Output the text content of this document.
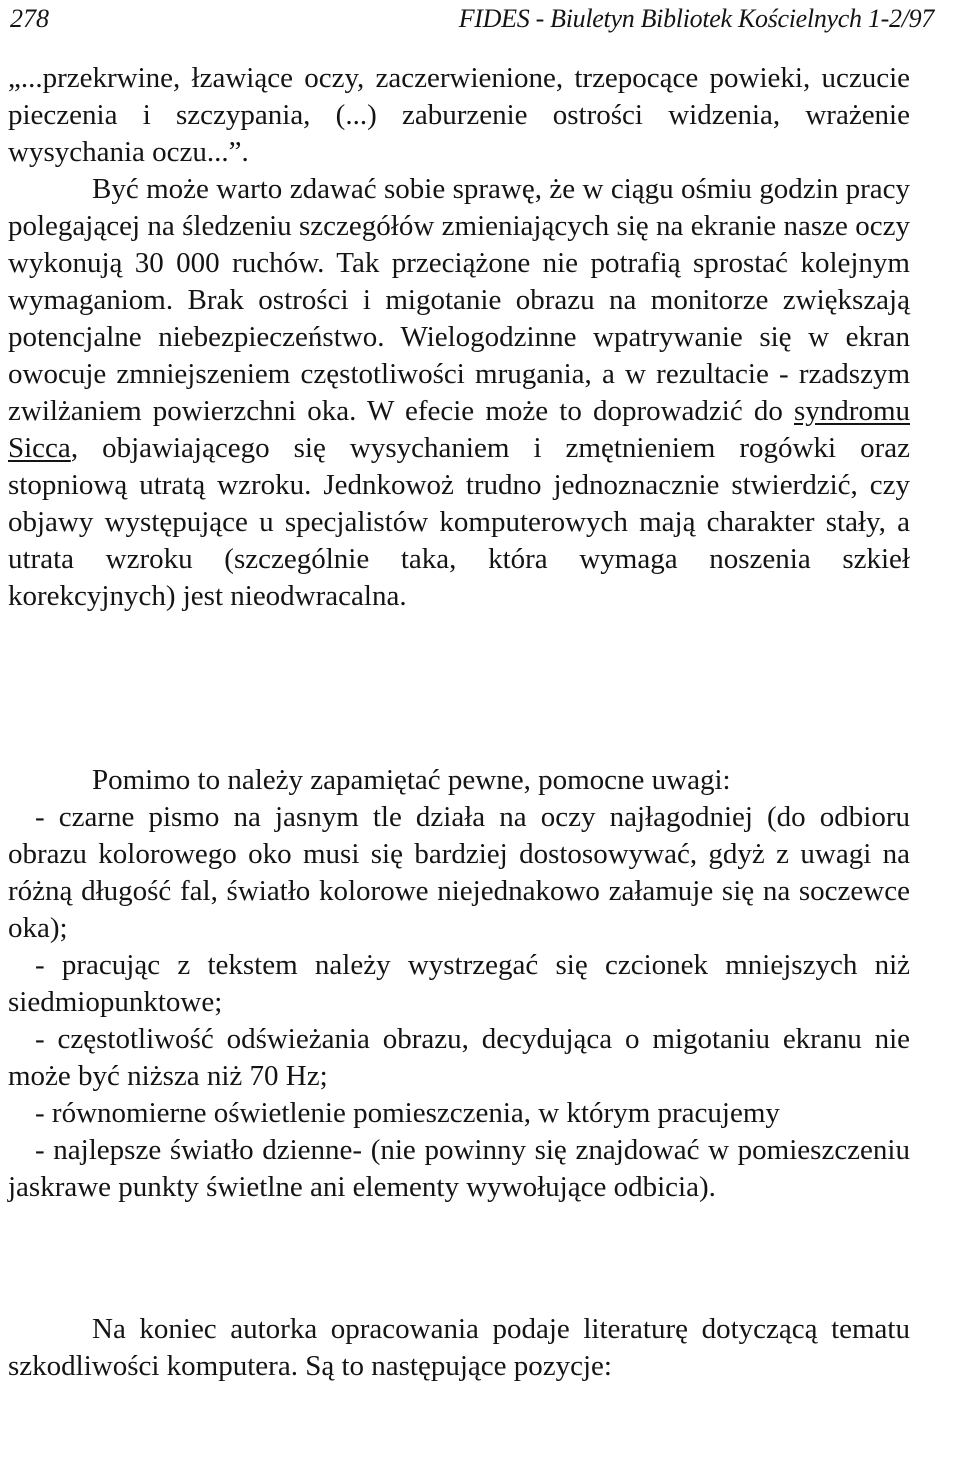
278	FIDES - Biuletyn Bibliotek Kościelnych 1-2/97

„...przekrwine, łzawiące oczy, zaczerwienione, trzepocące powieki, uczucie pieczenia i szczypania, (...) zaburzenie ostrości widzenia, wrażenie wysychania oczu...”.

Być może warto zdawać sobie sprawę, że w ciągu ośmiu godzin pracy polegającej na śledzeniu szczegółów zmieniających się na ekranie nasze oczy wykonują 30 000 ruchów. Tak przeciążone nie potrafią sprostać kolejnym wymaganiom. Brak ostrości i migotanie obrazu na monitorze zwiększają potencjalne niebezpieczeństwo. Wielogodzinne wpatrywanie się w ekran owocuje zmniejszeniem częstotliwości mrugania, a w rezultacie - rzadszym zwilżaniem powierzchni oka. W efecie może to doprowadzić do syndromu Sicca, objawiającego się wysychaniem i zmętnieniem rogówki oraz stopniową utratą wzroku. Jednkowoż trudno jednoznacznie stwierdzić, czy objawy występujące u specjalistów komputerowych mają charakter stały, a utrata wzroku (szczególnie taka, która wymaga noszenia szkieł korekcyjnych) jest nieodwracalna.

Pomimo to należy zapamiętać pewne, pomocne uwagi:

- czarne pismo na jasnym tle działa na oczy najłagodniej (do odbioru obrazu kolorowego oko musi się bardziej dostosowywać, gdyż z uwagi na różną długość fal, światło kolorowe niejednakowo załamuje się na soczewce oka);

- pracując z tekstem należy wystrzegać się czcionek mniejszych niż siedmiopunktowe;

- częstotliwość odświeżania obrazu, decydująca o migotaniu ekranu nie może być niższa niż 70 Hz;

- równomierne oświetlenie pomieszczenia, w którym pracujemy

- najlepsze światło dzienne- (nie powinny się znajdować w pomieszczeniu jaskrawe punkty świetlne ani elementy wywołujące odbicia).

Na koniec autorka opracowania podaje literaturę dotyczącą tematu szkodliwości komputera. Są to następujące pozycje:
